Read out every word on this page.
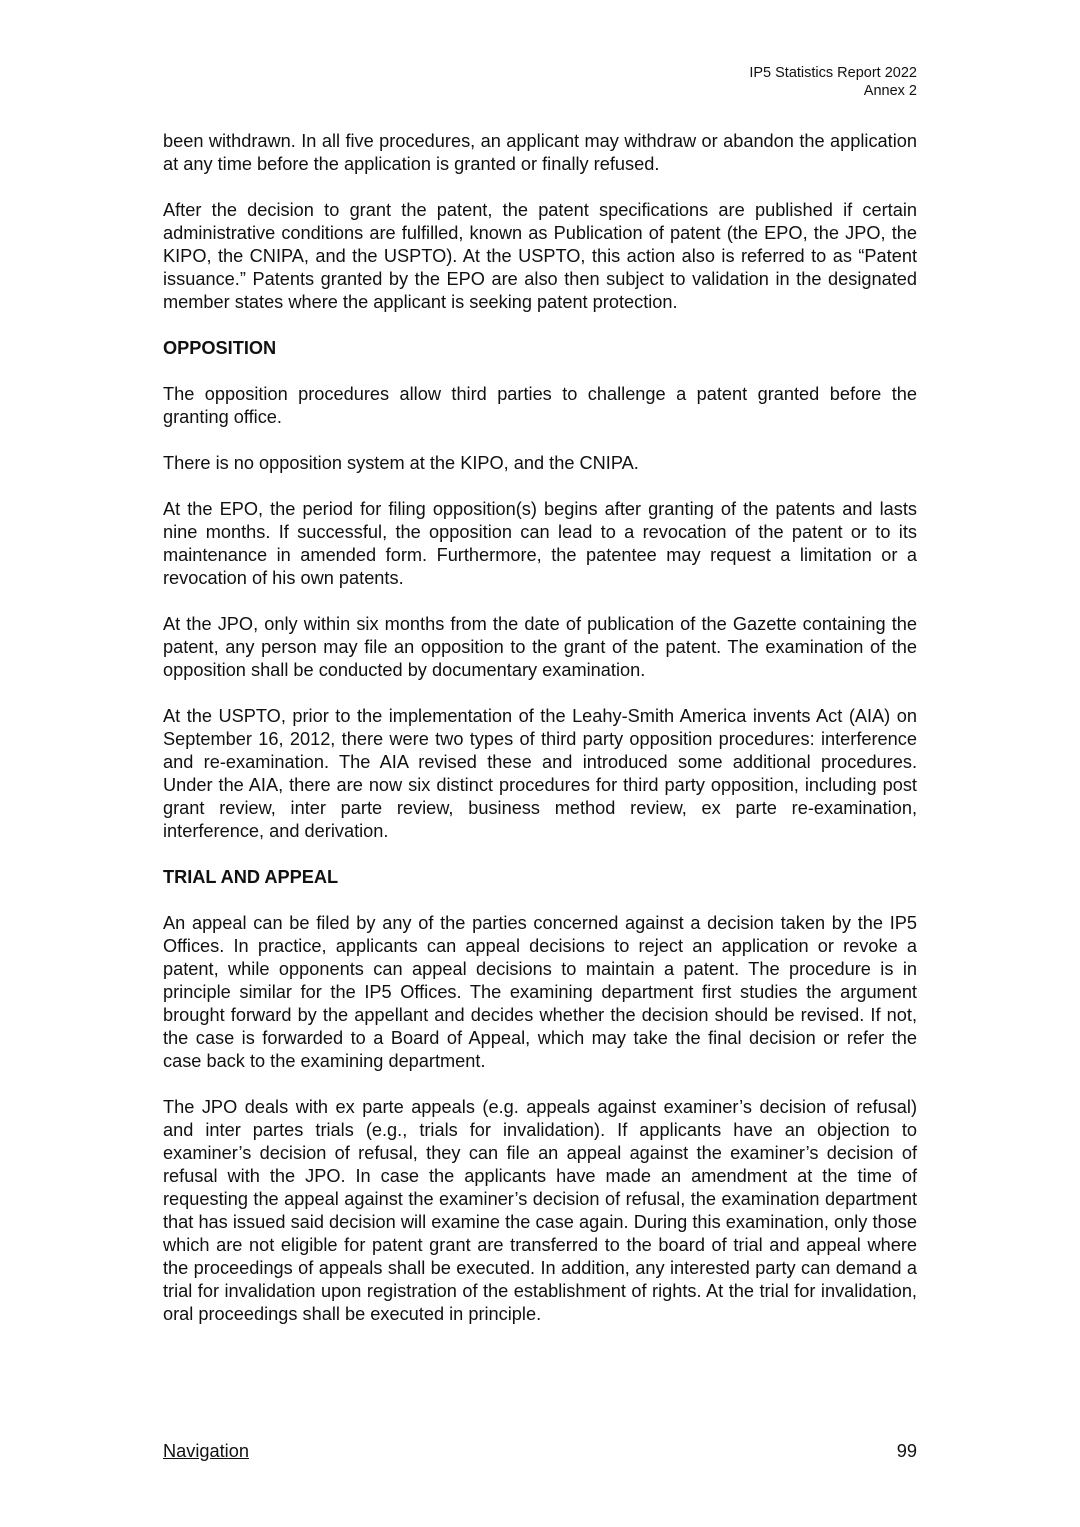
IP5 Statistics Report 2022
Annex 2

been withdrawn. In all five procedures, an applicant may withdraw or abandon the application at any time before the application is granted or finally refused.

After the decision to grant the patent, the patent specifications are published if certain administrative conditions are fulfilled, known as Publication of patent (the EPO, the JPO, the KIPO, the CNIPA, and the USPTO). At the USPTO, this action also is referred to as “Patent issuance.” Patents granted by the EPO are also then subject to validation in the designated member states where the applicant is seeking patent protection.

OPPOSITION

The opposition procedures allow third parties to challenge a patent granted before the granting office.

There is no opposition system at the KIPO, and the CNIPA.

At the EPO, the period for filing opposition(s) begins after granting of the patents and lasts nine months. If successful, the opposition can lead to a revocation of the patent or to its maintenance in amended form. Furthermore, the patentee may request a limitation or a revocation of his own patents.

At the JPO, only within six months from the date of publication of the Gazette containing the patent, any person may file an opposition to the grant of the patent. The examination of the opposition shall be conducted by documentary examination.

At the USPTO, prior to the implementation of the Leahy-Smith America invents Act (AIA) on September 16, 2012, there were two types of third party opposition procedures: interference and re-examination. The AIA revised these and introduced some additional procedures. Under the AIA, there are now six distinct procedures for third party opposition, including post grant review, inter parte review, business method review, ex parte re-examination, interference, and derivation.

TRIAL AND APPEAL

An appeal can be filed by any of the parties concerned against a decision taken by the IP5 Offices. In practice, applicants can appeal decisions to reject an application or revoke a patent, while opponents can appeal decisions to maintain a patent. The procedure is in principle similar for the IP5 Offices. The examining department first studies the argument brought forward by the appellant and decides whether the decision should be revised. If not, the case is forwarded to a Board of Appeal, which may take the final decision or refer the case back to the examining department.

The JPO deals with ex parte appeals (e.g. appeals against examiner’s decision of refusal) and inter partes trials (e.g., trials for invalidation). If applicants have an objection to examiner’s decision of refusal, they can file an appeal against the examiner’s decision of refusal with the JPO. In case the applicants have made an amendment at the time of requesting the appeal against the examiner’s decision of refusal, the examination department that has issued said decision will examine the case again. During this examination, only those which are not eligible for patent grant are transferred to the board of trial and appeal where the proceedings of appeals shall be executed. In addition, any interested party can demand a trial for invalidation upon registration of the establishment of rights. At the trial for invalidation, oral proceedings shall be executed in principle.

Navigation	99
